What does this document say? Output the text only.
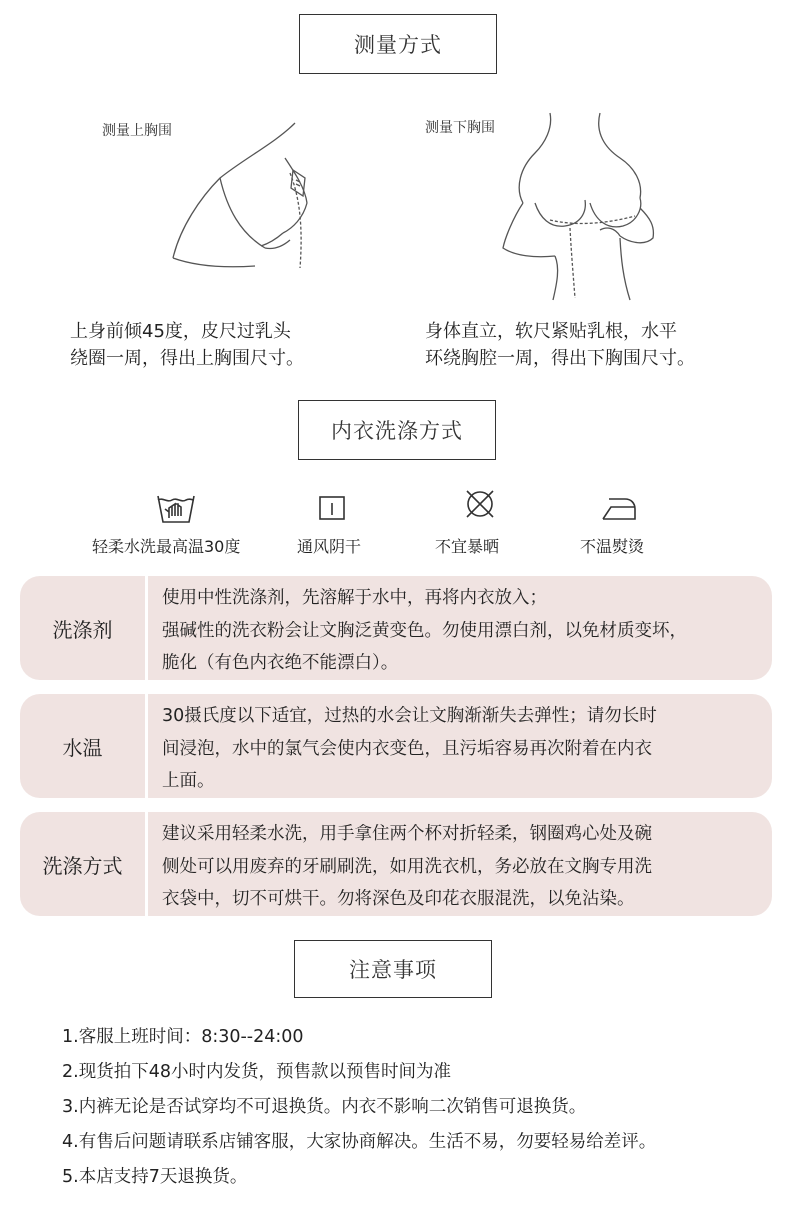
测量方式
测量上胸围
上身前倾45度，皮尺过乳头
绕圈一周，得出上胸围尺寸。
测量下胸围
身体直立，软尺紧贴乳根，水平
环绕胸腔一周，得出下胸围尺寸。
内衣洗涤方式
轻柔水洗最高温30度	通风阴干	不宜暴晒	不温熨烫
洗涤剂
使用中性洗涤剂，先溶解于水中，再将内衣放入；
强碱性的洗衣粉会让文胸泛黄变色。勿使用漂白剂，以免材质变坏，
脆化（有色内衣绝不能漂白）。
水温
30摄氏度以下适宜，过热的水会让文胸渐渐失去弹性；请勿长时
间浸泡，水中的氯气会使内衣变色，且污垢容易再次附着在内衣
上面。
洗涤方式
建议采用轻柔水洗，用手拿住两个杯对折轻柔，钢圈鸡心处及碗
侧处可以用废弃的牙刷刷洗，如用洗衣机，务必放在文胸专用洗
衣袋中，切不可烘干。勿将深色及印花衣服混洗，以免沾染。
注意事项
1.客服上班时间：8:30--24:00
2.现货拍下48小时内发货，预售款以预售时间为准
3.内裤无论是否试穿均不可退换货。内衣不影响二次销售可退换货。
4.有售后问题请联系店铺客服，大家协商解决。生活不易，勿要轻易给差评。
5.本店支持7天退换货。
